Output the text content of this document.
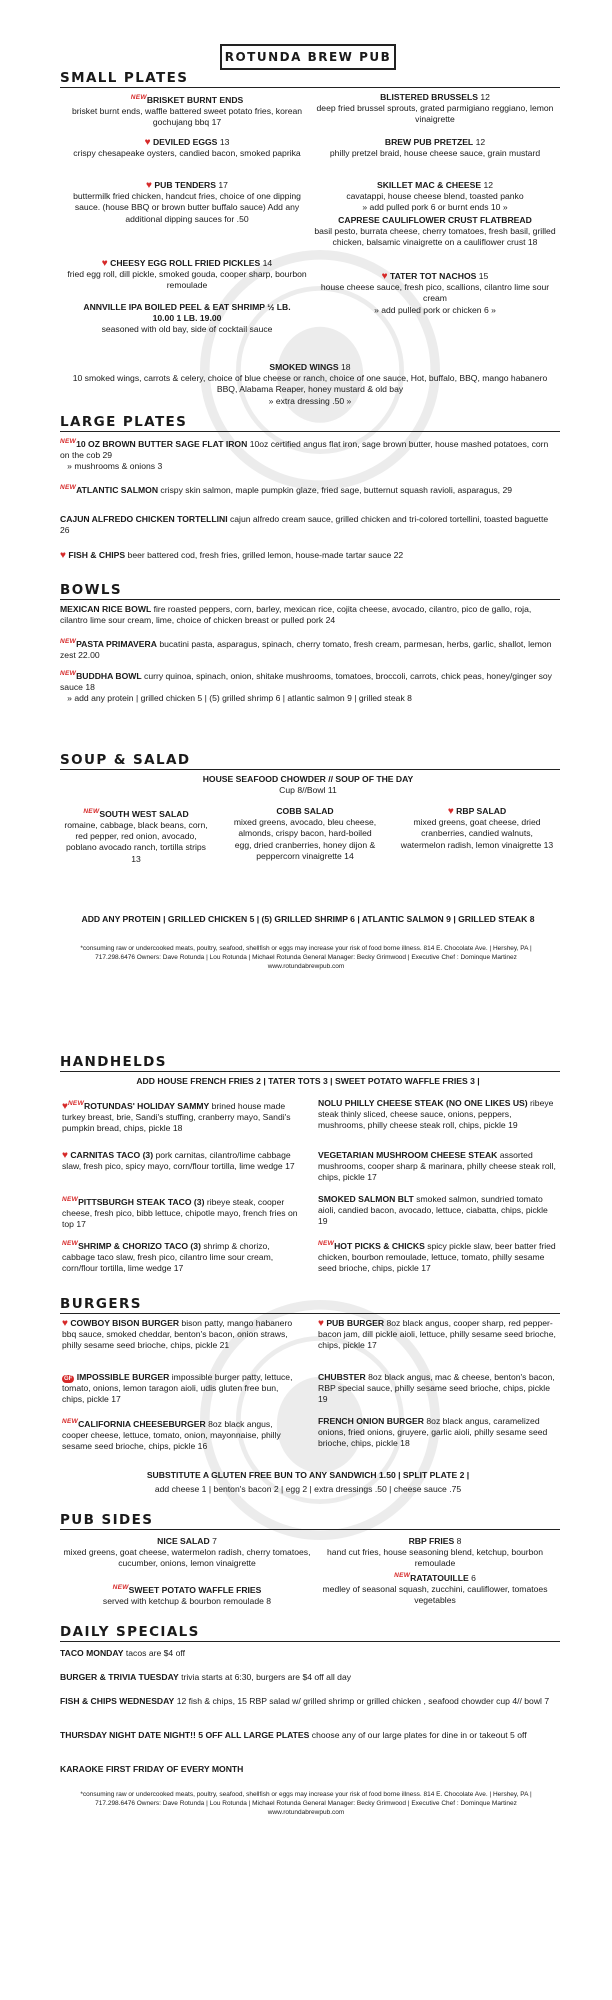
ROTUNDA BREW PUB
SMALL PLATES
$^{NEW}$BRISKET BURNT ENDS
brisket burnt ends, waffle battered sweet potato fries, korean gochujang bbq 17
♥ DEVILED EGGS 13
crispy chesapeake oysters, candied bacon, smoked paprika
♥ PUB TENDERS 17
buttermilk fried chicken, handcut fries, choice of one dipping sauce. (house BBQ or brown butter buffalo sauce) Add any additional dipping sauces for .50
♥ CHEESY EGG ROLL FRIED PICKLES 14
fried egg roll, dill pickle, smoked gouda, cooper sharp, bourbon remoulade
ANNVILLE IPA BOILED PEEL & EAT SHRIMP ½ LB.
10.00 1 LB. 19.00
seasoned with old bay, side of cocktail sauce
BLISTERED BRUSSELS 12
deep fried brussel sprouts, grated parmigiano reggiano, lemon vinaigrette
BREW PUB PRETZEL 12
philly pretzel braid, house cheese sauce, grain mustard
SKILLET MAC & CHEESE 12
cavatappi, house cheese blend, toasted panko
» add pulled pork 6 or burnt ends 10 »
CAPRESE CAULIFLOWER CRUST FLATBREAD
basil pesto, burrata cheese, cherry tomatoes, fresh basil, grilled chicken, balsamic vinaigrette on a cauliflower crust 18
♥ TATER TOT NACHOS 15
house cheese sauce, fresh pico, scallions, cilantro lime sour cream
» add pulled pork or chicken 6 »
SMOKED WINGS 18
10 smoked wings, carrots & celery, choice of blue cheese or ranch, choice of one sauce, Hot, buffalo, BBQ, mango habanero BBQ, Alabama Reaper, honey mustard & old bay
» extra dressing .50 »
LARGE PLATES
$^{NEW}$10 OZ BROWN BUTTER SAGE FLAT IRON 10oz certified angus flat iron, sage brown butter, house mashed potatoes, corn on the cob 29
» mushrooms & onions 3
$^{NEW}$ATLANTIC SALMON crispy skin salmon, maple pumpkin glaze, fried sage, butternut squash ravioli, asparagus, 29
CAJUN ALFREDO CHICKEN TORTELLINI cajun alfredo cream sauce, grilled chicken and tri-colored tortellini, toasted baguette 26
♥ FISH & CHIPS beer battered cod, fresh fries, grilled lemon, house-made tartar sauce 22
BOWLS
MEXICAN RICE BOWL fire roasted peppers, corn, barley, mexican rice, cojita cheese, avocado, cilantro, pico de gallo, roja, cilantro lime sour cream, lime, choice of chicken breast or pulled pork 24
$^{NEW}$PASTA PRIMAVERA bucatini pasta, asparagus, spinach, cherry tomato, fresh cream, parmesan, herbs, garlic, shallot, lemon zest 22.00
$^{NEW}$BUDDHA BOWL curry quinoa, spinach, onion, shitake mushrooms, tomatoes, broccoli, carrots, chick peas, honey/ginger soy sauce 18
» add any protein | grilled chicken 5 | (5) grilled shrimp 6 | atlantic salmon 9 | grilled steak 8
SOUP & SALAD
HOUSE SEAFOOD CHOWDER // SOUP OF THE DAY
Cup 8//Bowl 11
$^{NEW}$SOUTH WEST SALAD
romaine, cabbage, black beans, corn, red pepper, red onion, avocado, poblano avocado ranch, tortilla strips 13
COBB SALAD
mixed greens, avocado, bleu cheese, almonds, crispy bacon, hard-boiled egg, dried cranberries, honey dijon & peppercorn vinaigrette 14
♥ RBP SALAD
mixed greens, goat cheese, dried cranberries, candied walnuts, watermelon radish, lemon vinaigrette 13
ADD ANY PROTEIN | GRILLED CHICKEN 5 | (5) GRILLED SHRIMP 6 | ATLANTIC SALMON 9 | GRILLED STEAK 8
*consuming raw or undercooked meats, poultry, seafood, shellfish or eggs may increase your risk of food borne illness. 814 E. Chocolate Ave. | Hershey, PA | 717.298.6476 Owners: Dave Rotunda | Lou Rotunda | Michael Rotunda General Manager: Becky Grimwood | Executive Chef : Dominque Martinez
www.rotundabrewpub.com
HANDHELDS
ADD HOUSE FRENCH FRIES 2 | TATER TOTS 3 | SWEET POTATO WAFFLE FRIES 3 |
♥$^{NEW}$ROTUNDAS' HOLIDAY SAMMY brined house made turkey breast, brie, Sandi's stuffing, cranberry mayo, Sandi's pumpkin bread, chips, pickle 18
♥ CARNITAS TACO (3) pork carnitas, cilantro/lime cabbage slaw, fresh pico, spicy mayo, corn/flour tortilla, lime wedge 17
$^{NEW}$PITTSBURGH STEAK TACO (3) ribeye steak, cooper cheese, fresh pico, bibb lettuce, chipotle mayo, french fries on top 17
$^{NEW}$SHRIMP & CHORIZO TACO (3) shrimp & chorizo, cabbage taco slaw, fresh pico, cilantro lime sour cream, corn/flour tortilla, lime wedge 17
NOLU PHILLY CHEESE STEAK (NO ONE LIKES US) ribeye steak thinly sliced, cheese sauce, onions, peppers, mushrooms, philly cheese steak roll, chips, pickle 19
VEGETARIAN MUSHROOM CHEESE STEAK assorted mushrooms, cooper sharp & marinara, philly cheese steak roll, chips, pickle 17
SMOKED SALMON BLT smoked salmon, sundried tomato aioli, candied bacon, avocado, lettuce, ciabatta, chips, pickle 19
$^{NEW}$HOT PICKS & CHICKS spicy pickle slaw, beer batter fried chicken, bourbon remoulade, lettuce, tomato, philly sesame seed brioche, chips, pickle 17
BURGERS
♥ COWBOY BISON BURGER bison patty, mango habanero bbq sauce, smoked cheddar, benton's bacon, onion straws, philly sesame seed brioche, chips, pickle 21
GF IMPOSSIBLE BURGER impossible burger patty, lettuce, tomato, onions, lemon taragon aioli, udis gluten free bun, chips, pickle 17
$^{NEW}$CALIFORNIA CHEESEBURGER 8oz black angus, cooper cheese, lettuce, tomato, onion, mayonnaise, philly sesame seed brioche, chips, pickle 16
♥ PUB BURGER 8oz black angus, cooper sharp, red pepper-bacon jam, dill pickle aioli, lettuce, philly sesame seed brioche, chips, pickle 17
CHUBSTER 8oz black angus, mac & cheese, benton's bacon, RBP special sauce, philly sesame seed brioche, chips, pickle 19
FRENCH ONION BURGER 8oz black angus, caramelized onions, fried onions, gruyere, garlic aioli, philly sesame seed brioche, chips, pickle 18
SUBSTITUTE A GLUTEN FREE BUN TO ANY SANDWICH 1.50 | SPLIT PLATE 2 |
add cheese 1 | benton's bacon 2 | egg 2 | extra dressings .50 | cheese sauce .75
PUB SIDES
NICE SALAD 7
mixed greens, goat cheese, watermelon radish, cherry tomatoes, cucumber, onions, lemon vinaigrette
$^{NEW}$SWEET POTATO WAFFLE FRIES
served with ketchup & bourbon remoulade 8
RBP FRIES 8
hand cut fries, house seasoning blend, ketchup, bourbon remoulade
$^{NEW}$RATATOUILLE 6
medley of seasonal squash, zucchini, cauliflower, tomatoes vegetables
DAILY SPECIALS
TACO MONDAY tacos are $4 off
BURGER & TRIVIA TUESDAY trivia starts at 6:30, burgers are $4 off all day
FISH & CHIPS WEDNESDAY 12 fish & chips, 15 RBP salad w/ grilled shrimp or grilled chicken , seafood chowder cup 4// bowl 7
THURSDAY NIGHT DATE NIGHT!! 5 OFF ALL LARGE PLATES choose any of our large plates for dine in or takeout 5 off
KARAOKE FIRST FRIDAY OF EVERY MONTH
*consuming raw or undercooked meats, poultry, seafood, shellfish or eggs may increase your risk of food borne illness. 814 E. Chocolate Ave. | Hershey, PA | 717.298.6476 Owners: Dave Rotunda | Lou Rotunda | Michael Rotunda General Manager: Becky Grimwood | Executive Chef : Dominque Martinez
www.rotundabrewpub.com
